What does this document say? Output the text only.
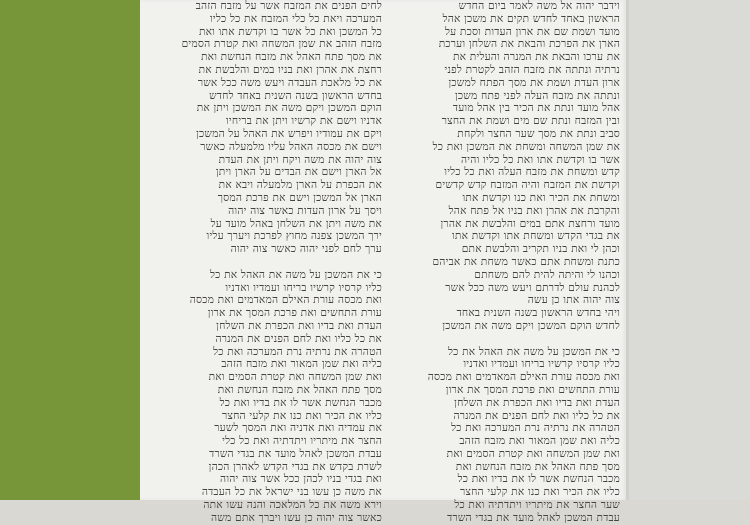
לחים הפנים את המזבח אשר על מזבח הזהב
המערכה ויאת כל כלי המזבח את כל כליו
כל המשכן ואת כל אשר בו וקדשת אתו ואת
מזבח הזהב את שמן המשחה ואת קטרת הסמים
את מסך פתח האהל את מזבח הנחשת ואת
רחצת את אהרן ואת בניו במים והלבשת את
את כל מלאכת העבדה ויעש משה ככל אשר
בחדש הראשון בשנה השנית באחד לחדש
הוקם המשכן ויקם משה את המשכן ויתן את
אדניו וישם את קרשיו ויתן את בריחיו
ויקם את עמודיו ויפרש את האהל על המשכן
וישם את מכסה האהל עליו מלמעלה כאשר
צוה יהוה את משה ויקח ויתן את העדת
אל הארן וישם את הבדים על הארן ויתן
את הכפרת על הארן מלמעלה ויבא את
הארן אל המשכן וישם את פרכת המסך
ויסך על ארון העדות כאשר צוה יהוה
את משה ויתן את השלחן באהל מועד על
ירך המשכן צפנה מחוץ לפרכת ויערך עליו
ערך לחם לפני יהוה כאשר צוה יהוה
כי את המשכן על משה את האהל את כל
כליו קרסיו קרשיו בריחו ועמדיו ואדניו
ואת מכסה עורת האילם המאדמים ואת מכסה
עורת התחשים ואת פרכת המסך את ארון
העדת ואת בדיו ואת הכפרת את השלחן
את כל כליו ואת לחם הפנים את המנרה
הטהרה את נרתיה נרת המערכה ואת כל
כליה ואת שמן המאור ואת מזבח הזהב
ואת שמן המשחה ואת קטרת הסמים ואת
מסך פתח האהל את מזבח הנחשת ואת
מכבר הנחשת אשר לו את בדיו ואת כל
כליו את הכיר ואת כנו את קלעי החצר
את עמדיה ואת אדניה ואת המסך לשער
החצר את מיתריו ויתדתיה ואת כל כלי
עבדת המשכן לאהל מועד את בגדי השרד
לשרת בקדש את בגדי הקדש לאהרן הכהן
ואת בגדי בניו לכהן ככל אשר צוה יהוה
את משה כן עשו בני ישראל את כל העבדה
וירא משה את כל המלאכה והנה עשו אתה
כאשר צוה יהוה כן עשו ויברך אתם משה
וידבר יהוה אל משה לאמר ביום החדש
הראשון באחד לחדש תקים את משכן אהל
מועד ושמת שם את ארון העדות וסכת על
הארן את הפרכת והבאת את השלחן וערכת
את ערכו והבאת את המנרה והעלית את
נרתיה ונתתה את מזבח הזהב לקטרת לפני
ארון העדת ושמת את מסך הפתח למשכן
ונתתה את מזבח העלה לפני פתח משכן
אהל מועד ונתת את הכיר בין אהל מועד
ובין המזבח ונתת שם מים ושמת את החצר
סביב ונתת את מסך שער החצר ולקחת
את שמן המשחה ומשחת את המשכן ואת כל
אשר בו וקדשת אתו ואת כל כליו והיה
קדש ומשחת את מזבח העלה ואת כל כליו
וקדשת את המזבח והיה המזבח קדש קדשים
ומשחת את הכיר ואת כנו וקדשת אתו
והקרבת את אהרן ואת בניו אל פתח אהל
מועד ורחצת אתם במים והלבשת את אהרן
את בגדי הקדש ומשחת אתו וקדשת אתו
וכהן לי ואת בניו תקריב והלבשת אתם
כתנת ומשחת אתם כאשר משחת את אביהם
וכהנו לי והיתה להית להם משחתם
לכהנת עולם לדרתם ויעש משה ככל אשר
צוה יהוה אתו כן עשה
ויהי בחדש הראשון בשנה השנית באחד
לחדש הוקם המשכן ויקם משה את המשכן
כי את המשכן על משה את האהל את כל
כליו קרסיו קרשיו בריחו ועמדיו ואדניו
ואת מכסה עורת האילם המאדמים ואת מכסה
עורת התחשים ואת פרכת המסך את ארון
העדת ואת בדיו ואת הכפרת את השלחן
את כל כליו ואת לחם הפנים את המנרה
הטהרה את נרתיה נרת המערכה ואת כל
כליה ואת שמן המאור ואת מזבח הזהב
ואת שמן המשחה ואת קטרת הסמים ואת
מסך פתח האהל את מזבח הנחשת ואת
מכבר הנחשת אשר לו את בדיו ואת כל
כליו את הכיר ואת כנו את קלעי החצר
שער החצר את מיתריו ויתדתיה ואת כל
עבדת המשכן לאהל מועד את בגדי השרד
